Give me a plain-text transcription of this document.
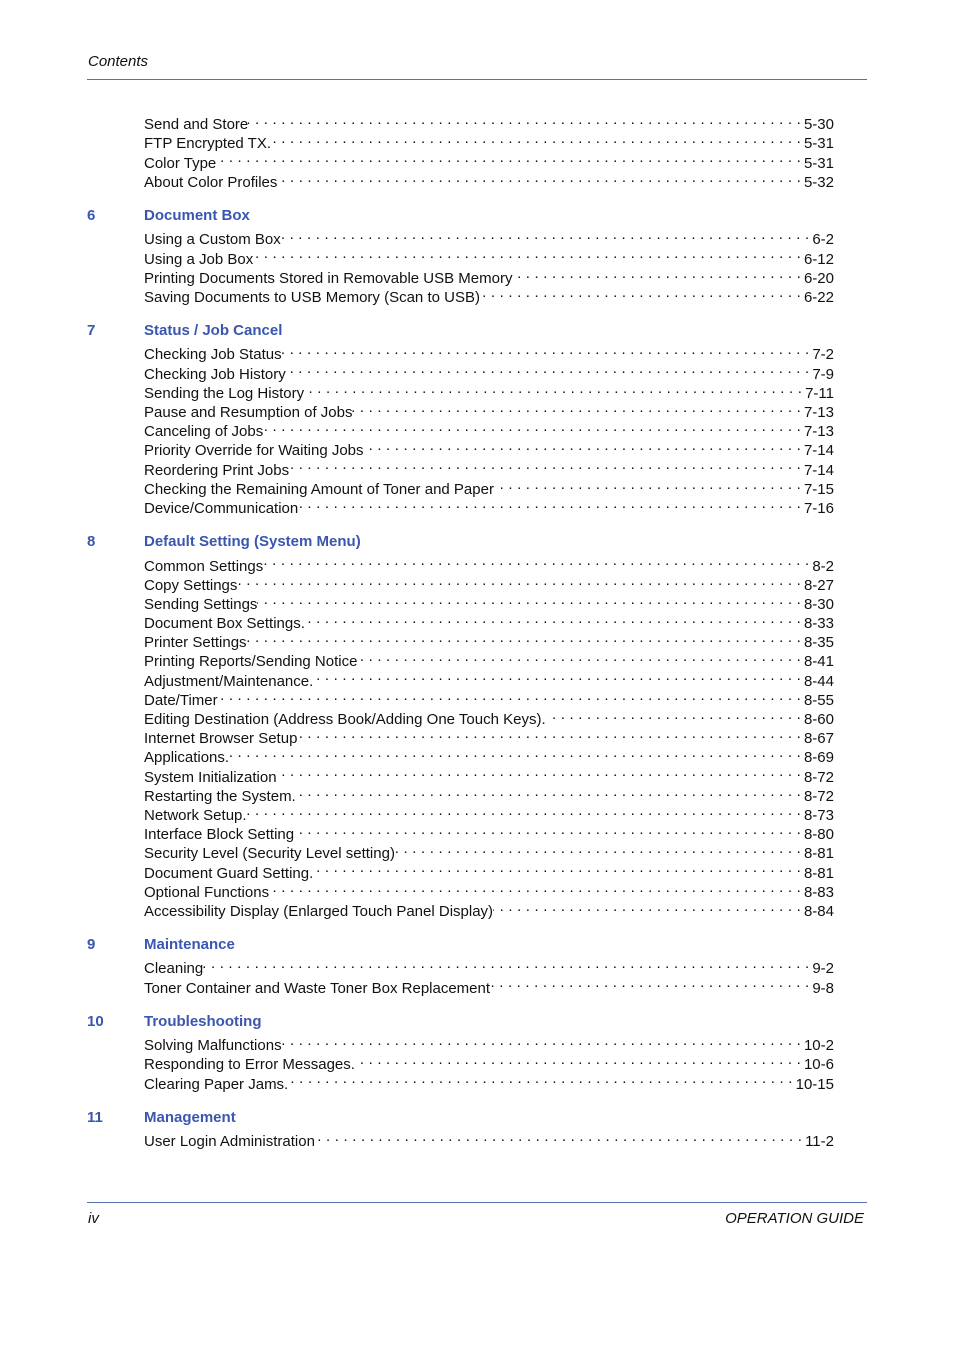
Contents
Send and Store . . .	5-30
FTP Encrypted TX. . . .	5-31
Color Type . . .	5-31
About Color Profiles . . .	5-32
6	Document Box
Using a Custom Box . . .	6-2
Using a Job Box . . .	6-12
Printing Documents Stored in Removable USB Memory . . .	6-20
Saving Documents to USB Memory (Scan to USB) . . .	6-22
7	Status / Job Cancel
Checking Job Status . . .	7-2
Checking Job History . . .	7-9
Sending the Log History . . .	7-11
Pause and Resumption of Jobs . . .	7-13
Canceling of Jobs . . .	7-13
Priority Override for Waiting Jobs . . .	7-14
Reordering Print Jobs . . .	7-14
Checking the Remaining Amount of Toner and Paper . . .	7-15
Device/Communication . . .	7-16
8	Default Setting (System Menu)
Common Settings . . .	8-2
Copy Settings . . .	8-27
Sending Settings . . .	8-30
Document Box Settings. . . .	8-33
Printer Settings . . .	8-35
Printing Reports/Sending Notice . . .	8-41
Adjustment/Maintenance. . . .	8-44
Date/Timer . . .	8-55
Editing Destination (Address Book/Adding One Touch Keys). . . .	8-60
Internet Browser Setup . . .	8-67
Applications. . . .	8-69
System Initialization . . .	8-72
Restarting the System. . . .	8-72
Network Setup. . . .	8-73
Interface Block Setting . . .	8-80
Security Level (Security Level setting) . . .	8-81
Document Guard Setting. . . .	8-81
Optional Functions . . .	8-83
Accessibility Display (Enlarged Touch Panel Display) . . .	8-84
9	Maintenance
Cleaning . . .	9-2
Toner Container and Waste Toner Box Replacement . . .	9-8
10	Troubleshooting
Solving Malfunctions . . .	10-2
Responding to Error Messages. . . .	10-6
Clearing Paper Jams. . . .	10-15
11	Management
User Login Administration . . .	11-2
iv	OPERATION GUIDE
